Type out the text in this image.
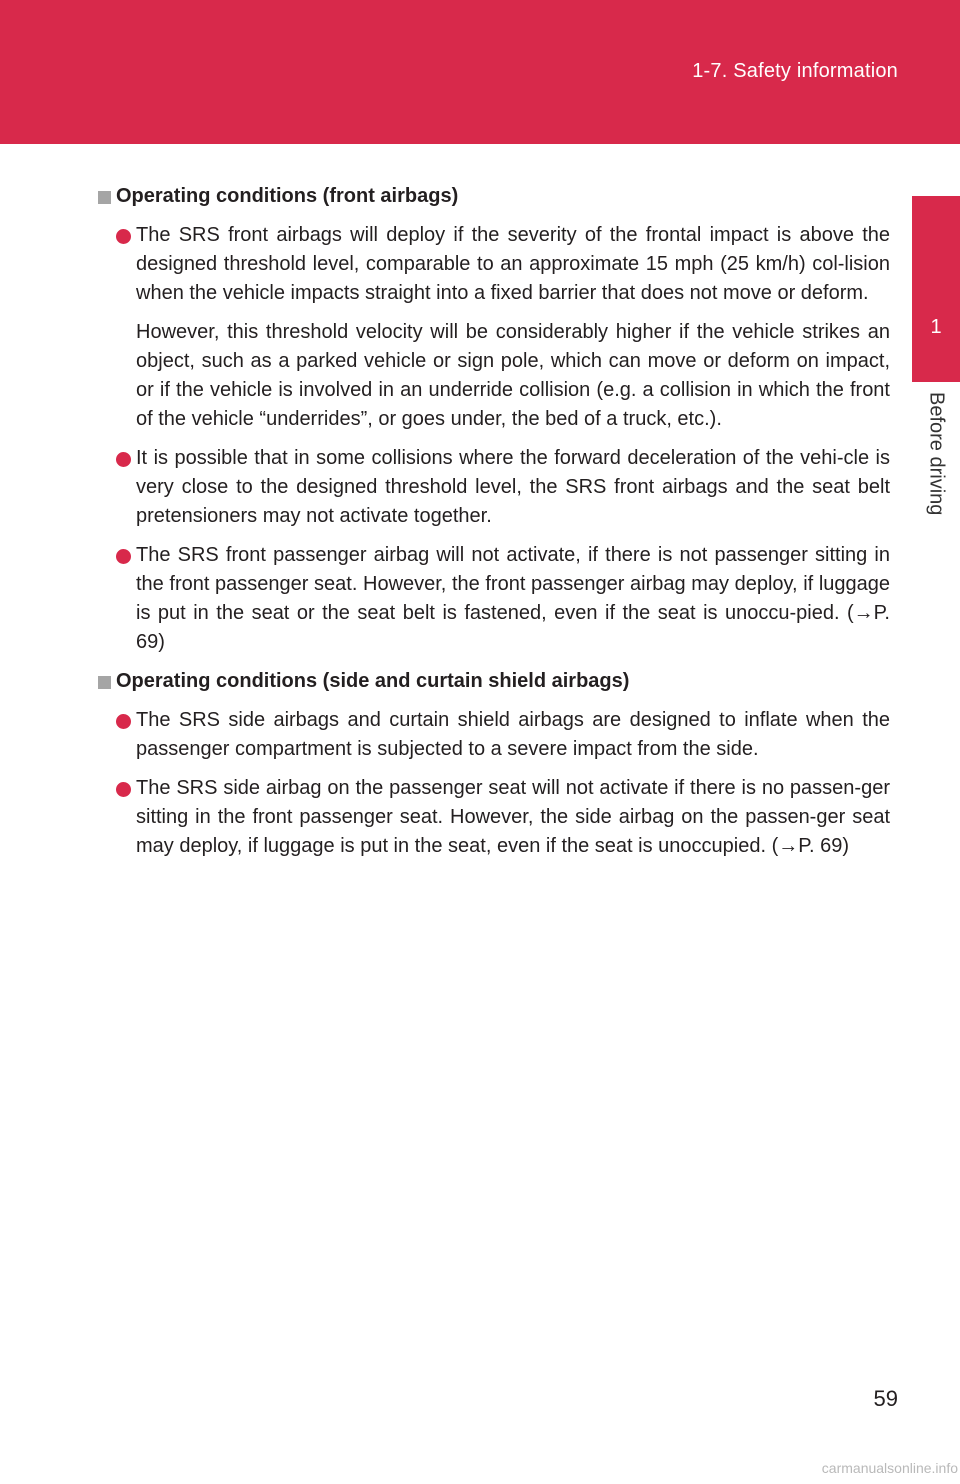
1-7. Safety information
1
Before driving
Operating conditions (front airbags)
The SRS front airbags will deploy if the severity of the frontal impact is above the designed threshold level, comparable to an approximate 15 mph (25 km/h) col-lision when the vehicle impacts straight into a fixed barrier that does not move or deform.
However, this threshold velocity will be considerably higher if the vehicle strikes an object, such as a parked vehicle or sign pole, which can move or deform on impact, or if the vehicle is involved in an underride collision (e.g. a collision in which the front of the vehicle “underrides”, or goes under, the bed of a truck, etc.).
It is possible that in some collisions where the forward deceleration of the vehi-cle is very close to the designed threshold level, the SRS front airbags and the seat belt pretensioners may not activate together.
The SRS front passenger airbag will not activate, if there is not passenger sitting in the front passenger seat. However, the front passenger airbag may deploy, if luggage is put in the seat or the seat belt is fastened, even if the seat is unoccu-pied. (→P. 69)
Operating conditions (side and curtain shield airbags)
The SRS side airbags and curtain shield airbags are designed to inflate when the passenger compartment is subjected to a severe impact from the side.
The SRS side airbag on the passenger seat will not activate if there is no passen-ger sitting in the front passenger seat. However, the side airbag on the passen-ger seat may deploy, if luggage is put in the seat, even if the seat is unoccupied. (→P. 69)
59
carmanualsonline.info
